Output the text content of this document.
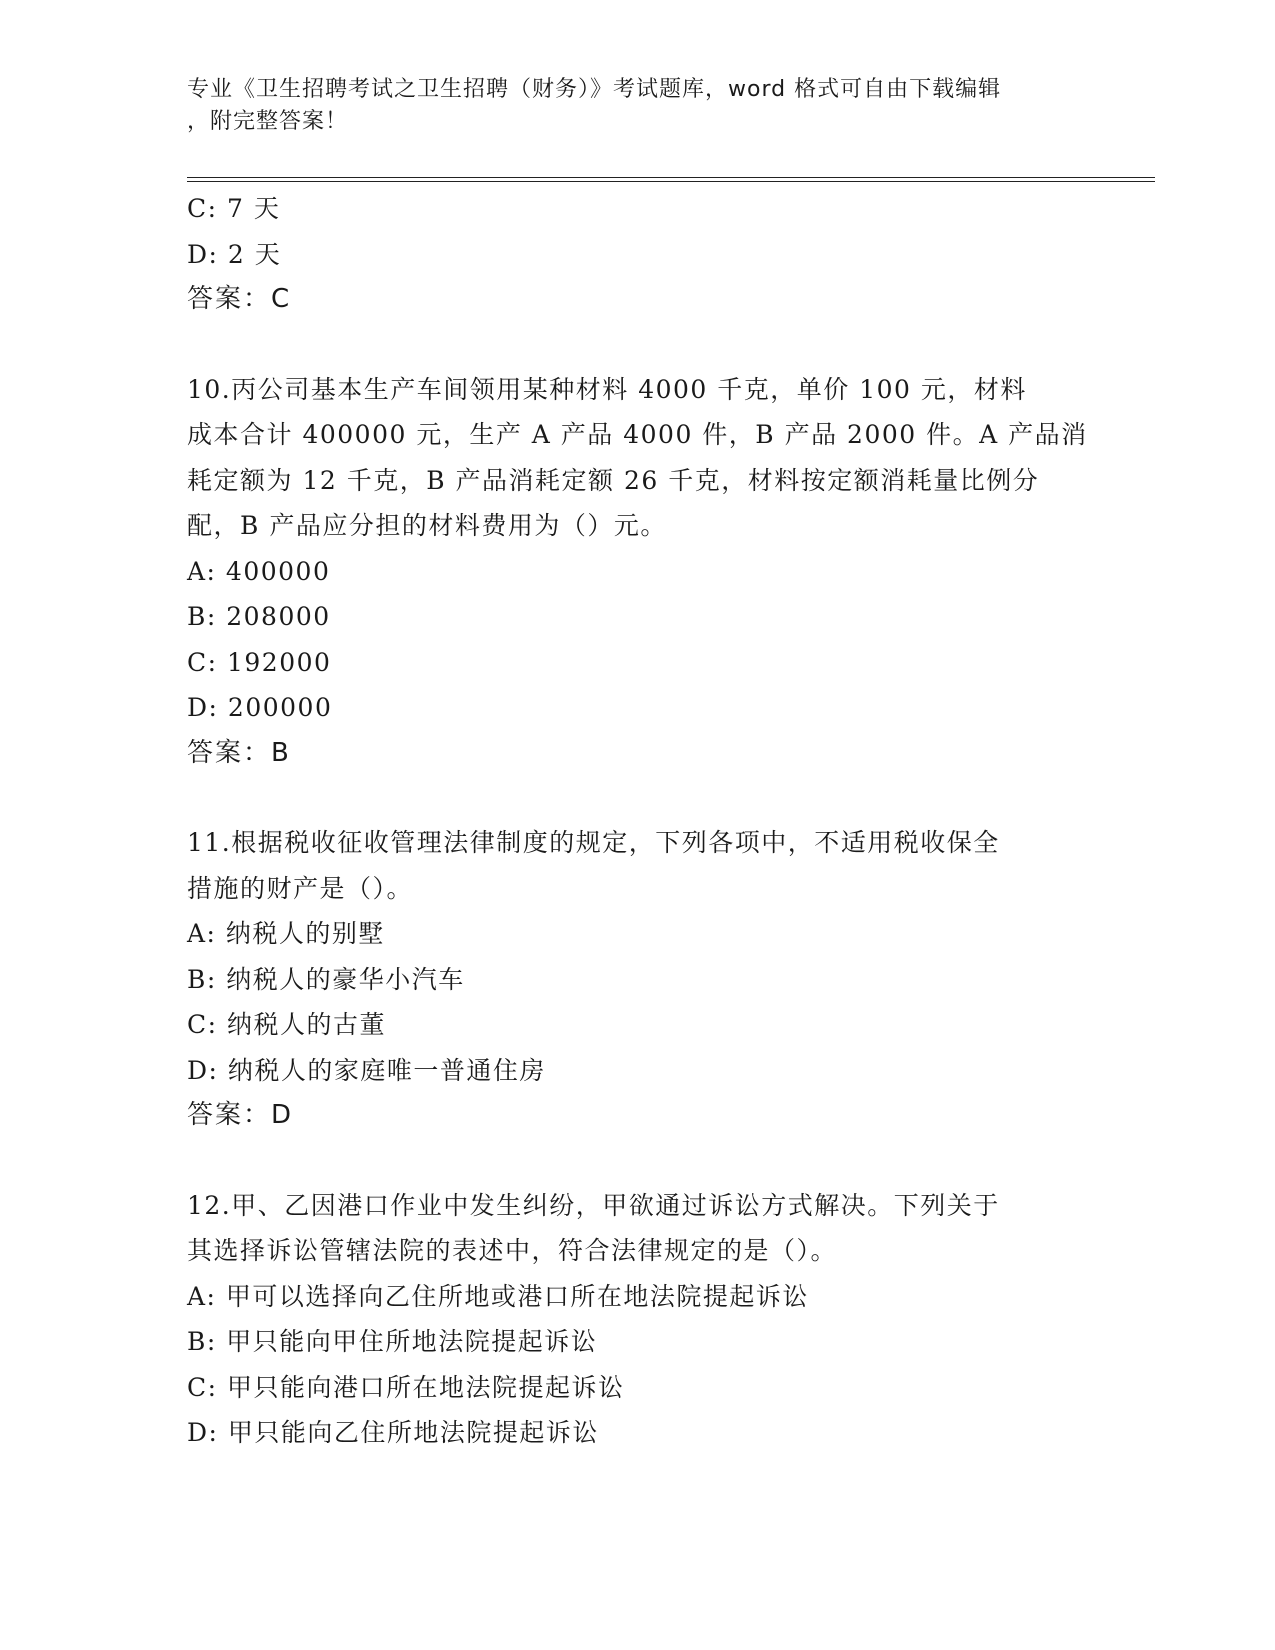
专业《卫生招聘考试之卫生招聘（财务）》考试题库，word 格式可自由下载编辑
，附完整答案！
C: 7 天
D: 2 天
答案：C
10.丙公司基本生产车间领用某种材料 4000 千克，单价 100 元，材料
成本合计 400000 元，生产 A 产品 4000 件，B 产品 2000 件。A 产品消
耗定额为 12 千克，B 产品消耗定额 26 千克，材料按定额消耗量比例分
配，B 产品应分担的材料费用为（）元。
A: 400000
B: 208000
C: 192000
D: 200000
答案：B
11.根据税收征收管理法律制度的规定，下列各项中，不适用税收保全
措施的财产是（）。
A: 纳税人的别墅
B: 纳税人的豪华小汽车
C: 纳税人的古董
D: 纳税人的家庭唯一普通住房
答案：D
12.甲、乙因港口作业中发生纠纷，甲欲通过诉讼方式解决。下列关于
其选择诉讼管辖法院的表述中，符合法律规定的是（）。
A: 甲可以选择向乙住所地或港口所在地法院提起诉讼
B: 甲只能向甲住所地法院提起诉讼
C: 甲只能向港口所在地法院提起诉讼
D: 甲只能向乙住所地法院提起诉讼
